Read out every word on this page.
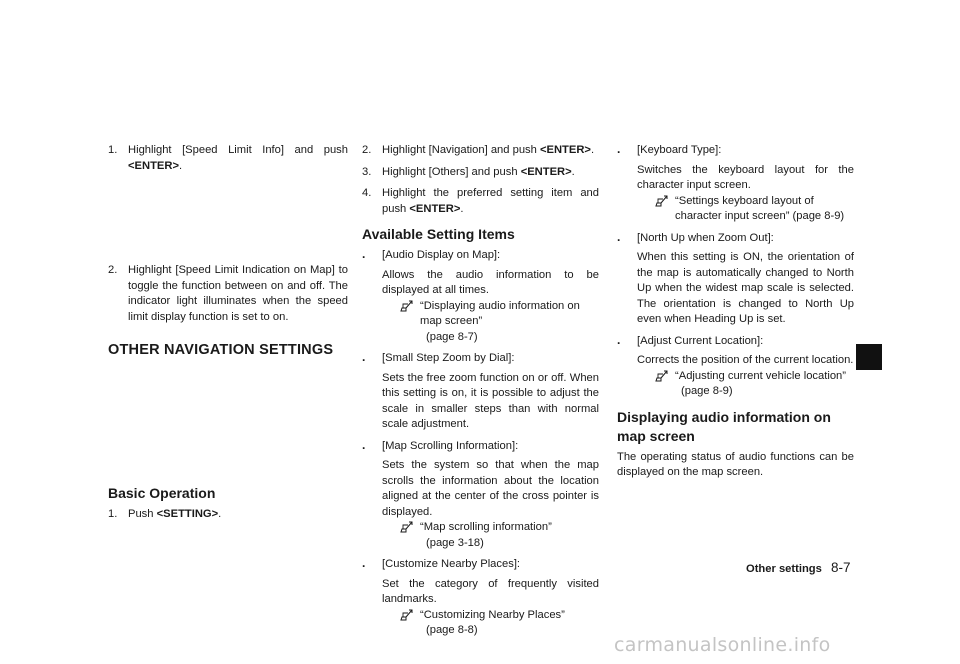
1. Highlight [Speed Limit Info] and push <ENTER>.
2. Highlight [Speed Limit Indication on Map] to toggle the function between on and off. The indicator light illuminates when the speed limit display function is set to on.
OTHER NAVIGATION SETTINGS
Basic Operation
1. Push <SETTING>.
2. Highlight [Navigation] and push <ENTER>.
3. Highlight [Others] and push <ENTER>.
4. Highlight the preferred setting item and push <ENTER>.
Available Setting Items
. [Audio Display on Map]:
Allows the audio information to be displayed at all times.
“Displaying audio information on map screen”
(page 8-7)
. [Small Step Zoom by Dial]:
Sets the free zoom function on or off. When this setting is on, it is possible to adjust the scale in smaller steps than with normal scale adjustment.
. [Map Scrolling Information]:
Sets the system so that when the map scrolls the information about the location aligned at the center of the cross pointer is displayed.
“Map scrolling information”
(page 3-18)
. [Customize Nearby Places]:
Set the category of frequently visited landmarks.
“Customizing Nearby Places”
(page 8-8)
. [Keyboard Type]:
Switches the keyboard layout for the character input screen.
“Settings keyboard layout of character input screen” (page 8-9)
. [North Up when Zoom Out]:
When this setting is ON, the orientation of the map is automatically changed to North Up when the widest map scale is selected. The orientation is changed to North Up even when Heading Up is set.
. [Adjust Current Location]:
Corrects the position of the current location.
“Adjusting current vehicle location”
(page 8-9)
Displaying audio information on map screen

The operating status of audio functions can be displayed on the map screen.

Other settings 8-7
carmanualsonline.info
